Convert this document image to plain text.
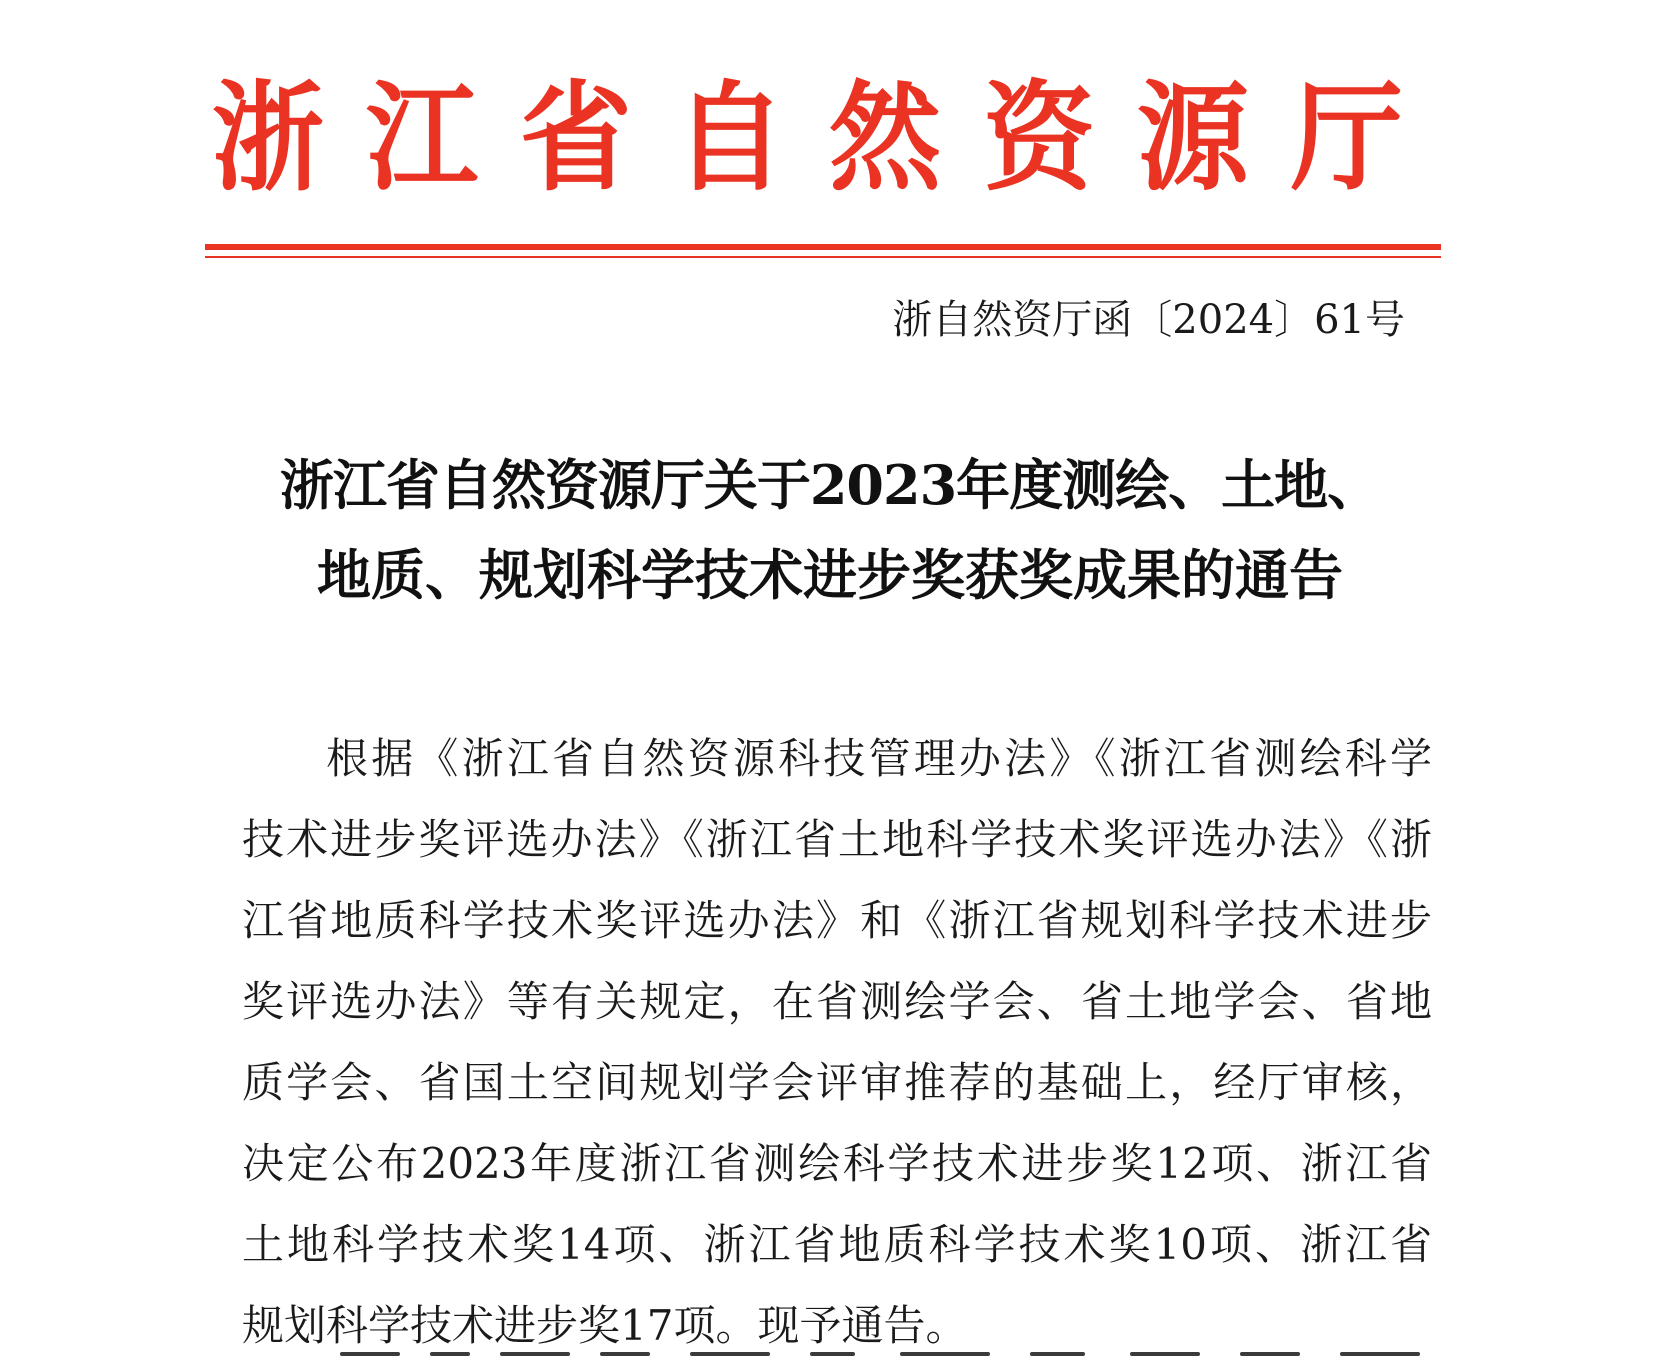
浙 江 省 自 然 资 源 厅
浙自然资厅函〔2024〕61号
浙江省自然资源厅关于2023年度测绘、土地、
地质、规划科学技术进步奖获奖成果的通告
根据《浙江省自然资源科技管理办法》《浙江省测绘科学
技术进步奖评选办法》《浙江省土地科学技术奖评选办法》《浙
江省地质科学技术奖评选办法》和《浙江省规划科学技术进步
奖评选办法》等有关规定，在省测绘学会、省土地学会、省地
质学会、省国土空间规划学会评审推荐的基础上，经厅审核，
决定公布2023年度浙江省测绘科学技术进步奖12项、浙江省
土地科学技术奖14项、浙江省地质科学技术奖10项、浙江省
规划科学技术进步奖17项。现予通告。
